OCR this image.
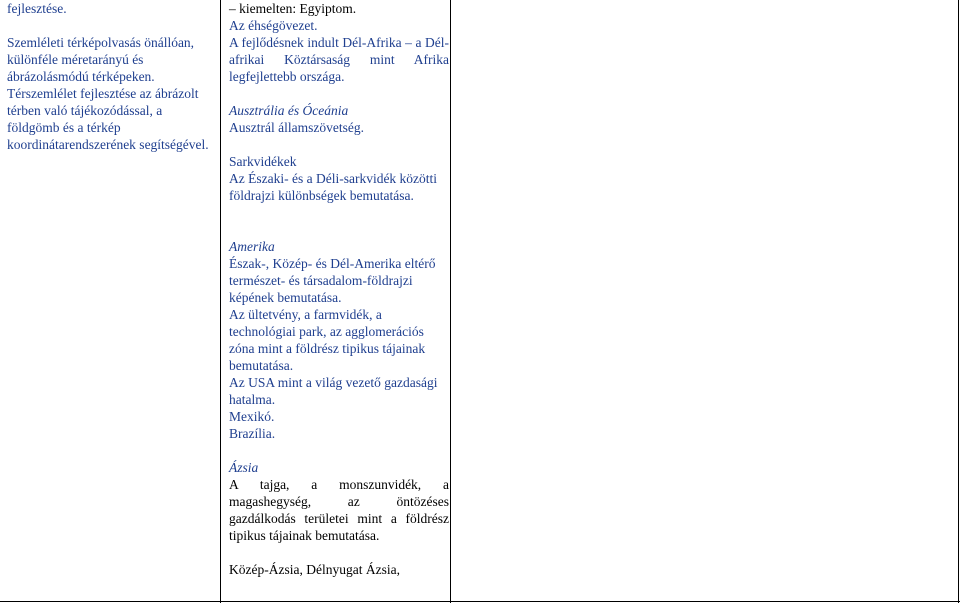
fejlesztése.

Szemléleti térképolvasás önállóan, különféle méretarányú és ábrázolásmódú térképeken.

Térszemlélet fejlesztése az ábrázolt térben való tájékozódással, a földgömb és a térkép koordinátarendszerének segítségével.

– kiemelten: Egyiptom.

Az éhségövezet.

A fejlődésnek indult Dél-Afrika – a Dél-afrikai Köztársaság mint Afrika legfejlettebb országa.

Ausztrália és Óceánia

Ausztrál államszövetség.

Sarkvidékek

Az Északi- és a Déli-sarkvidék közötti földrajzi különbségek bemutatása.

Amerika

Észak-, Közép- és Dél-Amerika eltérő természet- és társadalom-földrajzi képének bemutatása.

Az ültetvény, a farmvidék, a technológiai park, az agglomerációs zóna mint a földrész tipikus tájainak bemutatása.

Az USA mint a világ vezető gazdasági hatalma.

Mexikó.

Brazília.

Ázsia

A tajga, a monszunvidék, a magashegység, az öntözéses gazdálkodás területei mint a földrész tipikus tájainak bemutatása.

Közép-Ázsia, Délnyugat Ázsia,
